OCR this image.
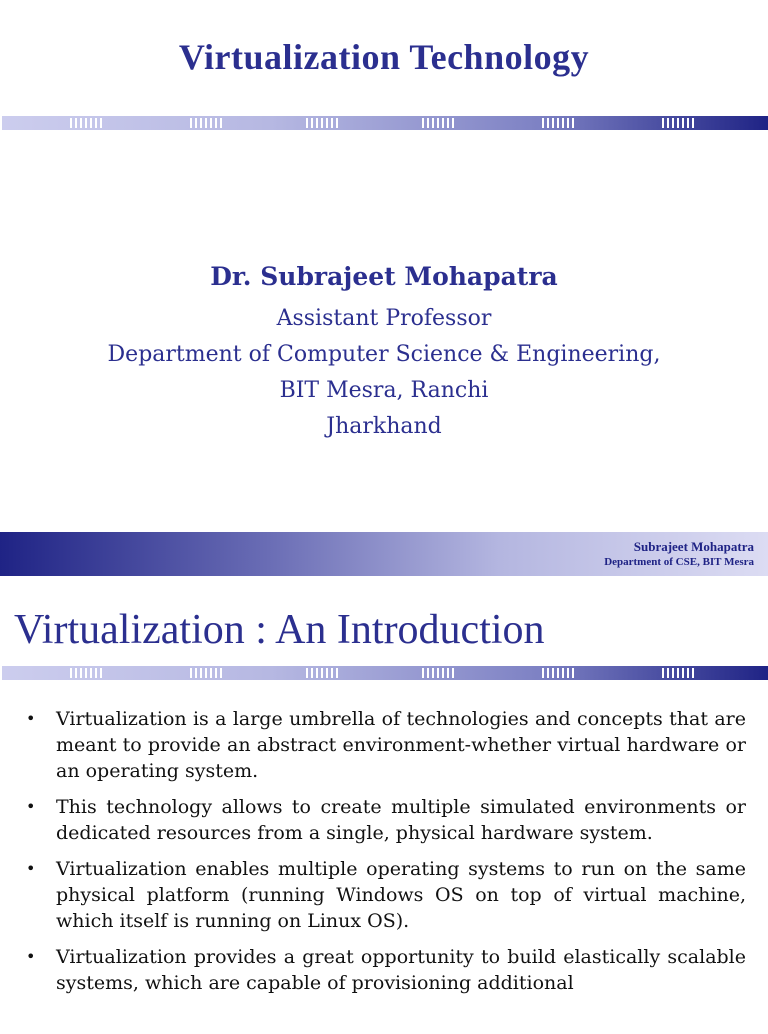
Virtualization Technology
Dr. Subrajeet Mohapatra
Assistant Professor
Department of Computer Science & Engineering,
BIT Mesra, Ranchi
Jharkhand
Subrajeet Mohapatra
Department of CSE, BIT Mesra
Virtualization : An Introduction
• Virtualization is a large umbrella of technologies and concepts that are meant to provide an abstract environment-whether virtual hardware or an operating system.
• This technology allows to create multiple simulated environments or dedicated resources from a single, physical hardware system.
• Virtualization enables multiple operating systems to run on the same physical platform (running Windows OS on top of virtual machine, which itself is running on Linux OS).
• Virtualization provides a great opportunity to build elastically scalable systems, which are capable of provisioning additional
